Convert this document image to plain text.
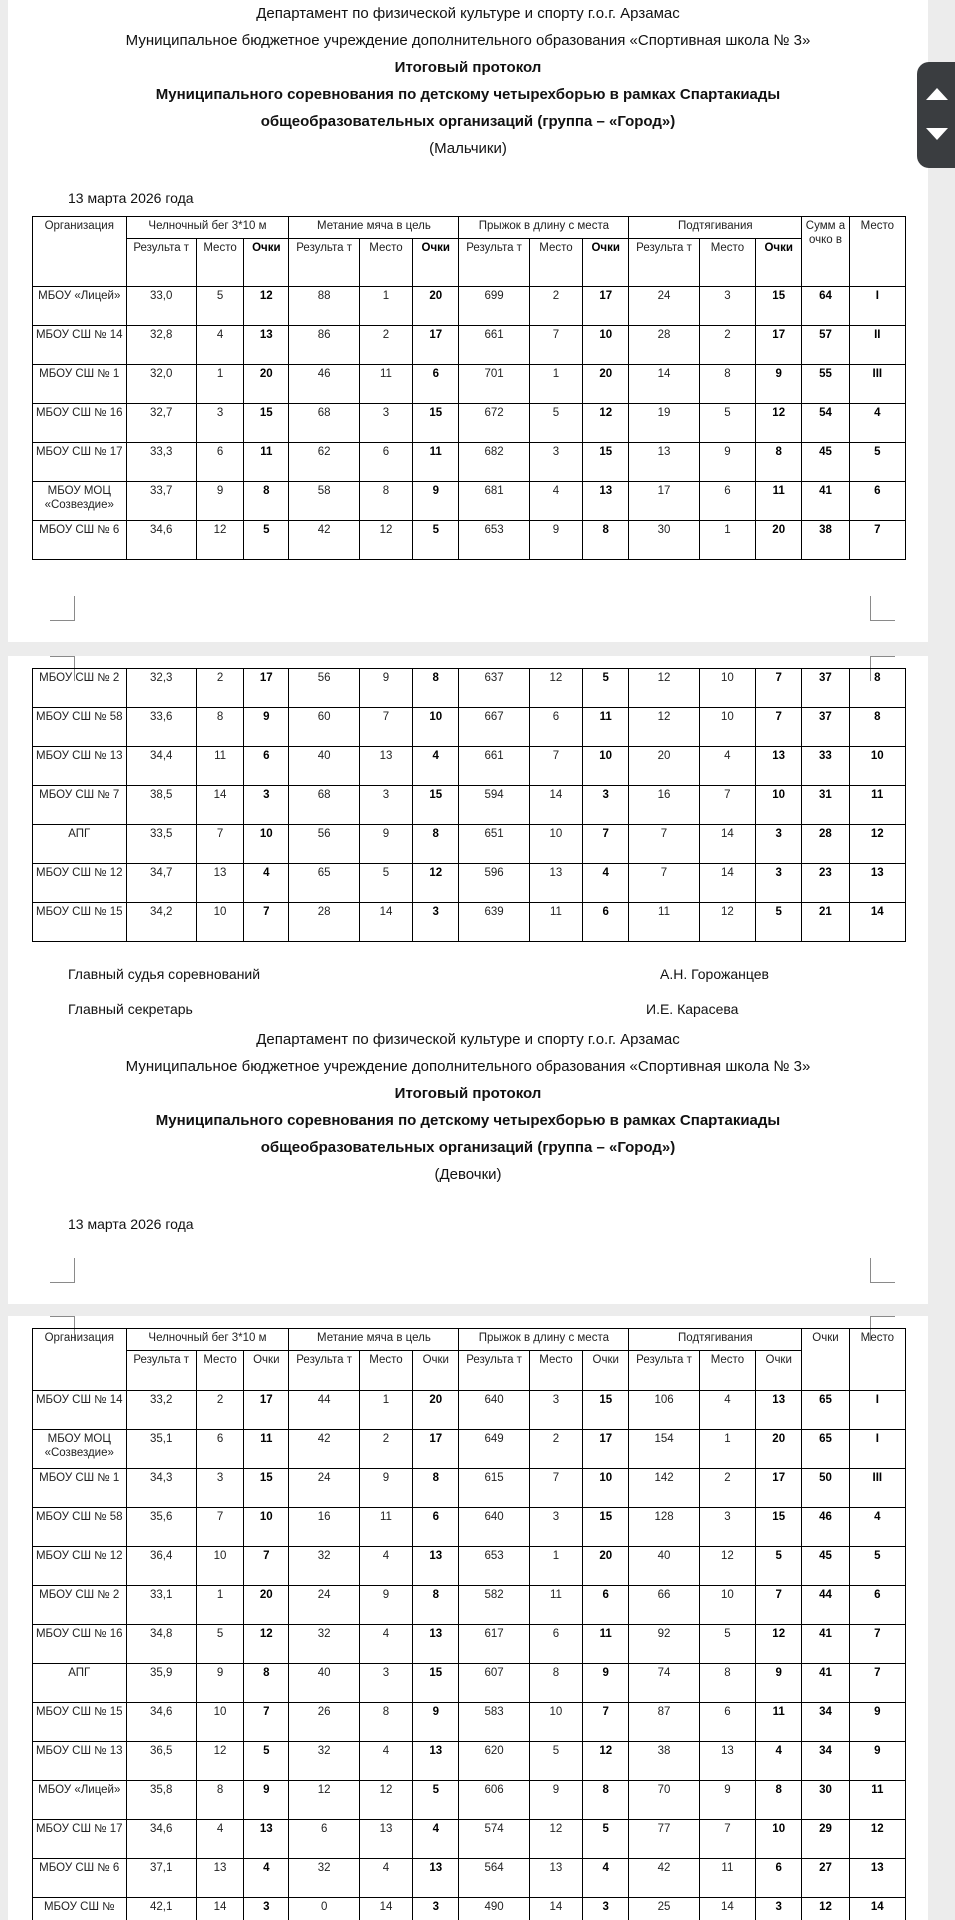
Департамент по физической культуре и спорту г.о.г. Арзамас
Муниципальное бюджетное учреждение дополнительного образования «Спортивная школа № 3»
Итоговый протокол
Муниципального соревнования по детскому четырехборью в рамках Спартакиады
общеобразовательных организаций (группа – «Город»)
(Мальчики)
13 марта 2026 года
Организация	Челночный бег 3*10 м			Метание мяча в цель			Прыжок в длину с места			Подтягивания			Сумм а очко в	Место
	Результа т	Место	Очки	Результа т	Место	Очки	Результа т	Место	Очки	Результа т	Место	Очки		
МБОУ «Лицей»	33,0	5	12	88	1	20	699	2	17	24	3	15	64	I
МБОУ СШ № 14	32,8	4	13	86	2	17	661	7	10	28	2	17	57	II
МБОУ СШ № 1	32,0	1	20	46	11	6	701	1	20	14	8	9	55	III
МБОУ СШ № 16	32,7	3	15	68	3	15	672	5	12	19	5	12	54	4
МБОУ СШ № 17	33,3	6	11	62	6	11	682	3	15	13	9	8	45	5
МБОУ МОЦ «Созвездие»	33,7	9	8	58	8	9	681	4	13	17	6	11	41	6
МБОУ СШ № 6	34,6	12	5	42	12	5	653	9	8	30	1	20	38	7
МБОУ СШ № 2	32,3	2	17	56	9	8	637	12	5	12	10	7	37	8
МБОУ СШ № 58	33,6	8	9	60	7	10	667	6	11	12	10	7	37	8
МБОУ СШ № 13	34,4	11	6	40	13	4	661	7	10	20	4	13	33	10
МБОУ СШ № 7	38,5	14	3	68	3	15	594	14	3	16	7	10	31	11
АПГ	33,5	7	10	56	9	8	651	10	7	7	14	3	28	12
МБОУ СШ № 12	34,7	13	4	65	5	12	596	13	4	7	14	3	23	13
МБОУ СШ № 15	34,2	10	7	28	14	3	639	11	6	11	12	5	21	14
Главный судья соревнований	А.Н. Горожанцев
Главный секретарь	И.Е. Карасева
Департамент по физической культуре и спорту г.о.г. Арзамас
Муниципальное бюджетное учреждение дополнительного образования «Спортивная школа № 3»
Итоговый протокол
Муниципального соревнования по детскому четырехборью в рамках Спартакиады
общеобразовательных организаций (группа – «Город»)
(Девочки)
13 марта 2026 года
Организация	Челночный бег 3*10 м			Метание мяча в цель			Прыжок в длину с места			Подтягивания			Очки	Место
	Результа т	Место	Очки	Результа т	Место	Очки	Результа т	Место	Очки	Результа т	Место	Очки		
МБОУ СШ № 14	33,2	2	17	44	1	20	640	3	15	106	4	13	65	I
МБОУ МОЦ «Созвездие»	35,1	6	11	42	2	17	649	2	17	154	1	20	65	I
МБОУ СШ № 1	34,3	3	15	24	9	8	615	7	10	142	2	17	50	III
МБОУ СШ № 58	35,6	7	10	16	11	6	640	3	15	128	3	15	46	4
МБОУ СШ № 12	36,4	10	7	32	4	13	653	1	20	40	12	5	45	5
МБОУ СШ № 2	33,1	1	20	24	9	8	582	11	6	66	10	7	44	6
МБОУ СШ № 16	34,8	5	12	32	4	13	617	6	11	92	5	12	41	7
АПГ	35,9	9	8	40	3	15	607	8	9	74	8	9	41	7
МБОУ СШ № 15	34,6	10	7	26	8	9	583	10	7	87	6	11	34	9
МБОУ СШ № 13	36,5	12	5	32	4	13	620	5	12	38	13	4	34	9
МБОУ «Лицей»	35,8	8	9	12	12	5	606	9	8	70	9	8	30	11
МБОУ СШ № 17	34,6	4	13	6	13	4	574	12	5	77	7	10	29	12
МБОУ СШ № 6	37,1	13	4	32	4	13	564	13	4	42	11	6	27	13
МБОУ СШ №	42,1	14	3	0	14	3	490	14	3	25	14	3	12	14
